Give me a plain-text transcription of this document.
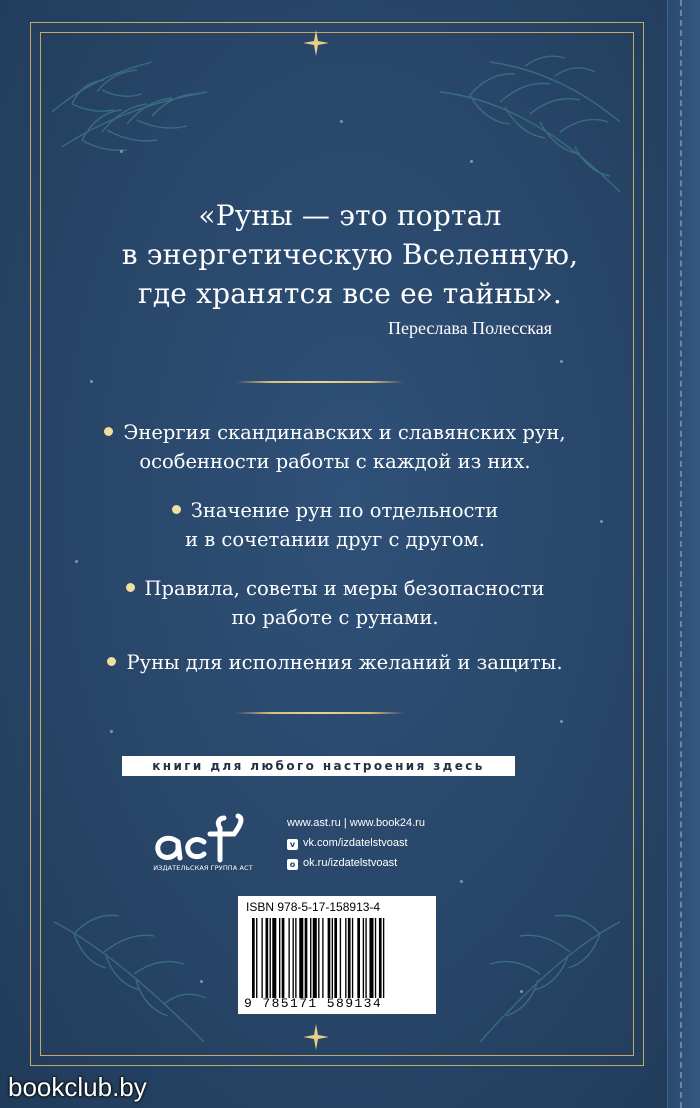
«Руны — это портал
в энергетическую Вселенную,
где хранятся все ее тайны».
Переслава Полесская
Энергия скандинавских и славянских рун,
особенности работы с каждой из них.
Значение рун по отдельности
и в сочетании друг с другом.
Правила, советы и меры безопасности
по работе с рунами.
Руны для исполнения желаний и защиты.
книги для любого настроения здесь
ИЗДАТЕЛЬСКАЯ ГРУППА АСТ
www.ast.ru | www.book24.ru
v vk.com/izdatelstvoast
o ok.ru/izdatelstvoast
ISBN 978-5-17-158913-4
9 785171 589134
bookclub.by
